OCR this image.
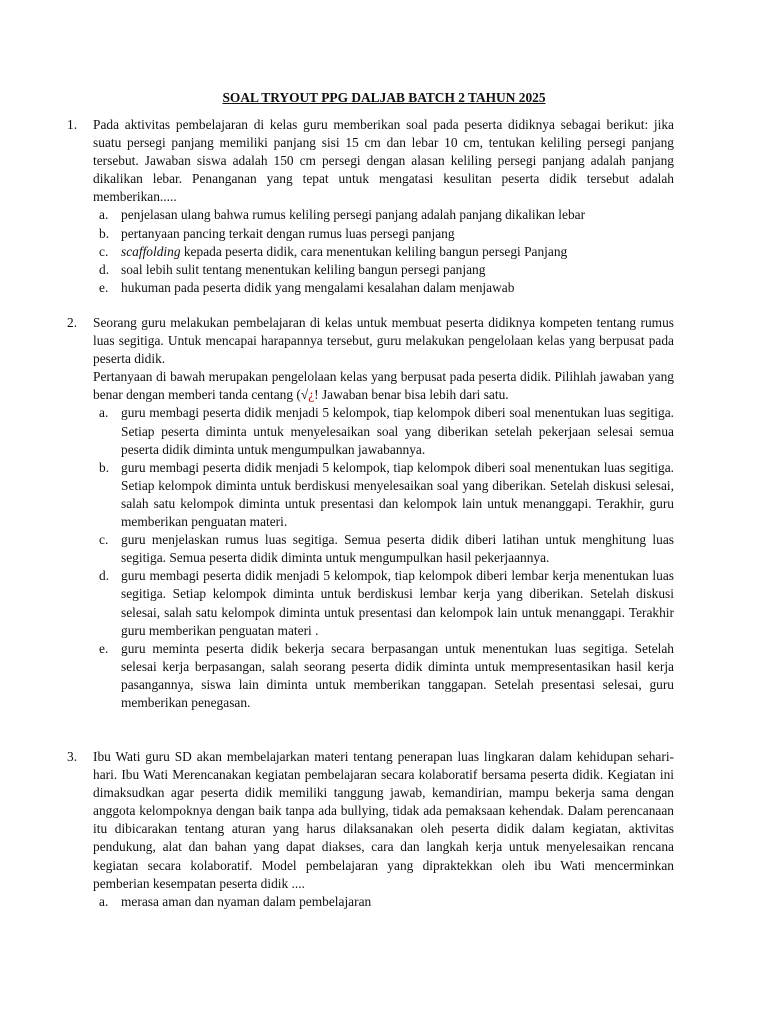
SOAL TRYOUT PPG DALJAB BATCH 2 TAHUN 2025
1. Pada aktivitas pembelajaran di kelas guru memberikan soal pada peserta didiknya sebagai berikut: jika suatu persegi panjang memiliki panjang sisi 15 cm dan lebar 10 cm, tentukan keliling persegi panjang tersebut. Jawaban siswa adalah 150 cm persegi dengan alasan keliling persegi panjang adalah panjang dikalikan lebar. Penanganan yang tepat untuk mengatasi kesulitan peserta didik tersebut adalah memberikan.....

a. penjelasan ulang bahwa rumus keliling persegi panjang adalah panjang dikalikan lebar
b. pertanyaan pancing terkait dengan rumus luas persegi panjang
c. scaffolding kepada peserta didik, cara menentukan keliling bangun persegi Panjang
d. soal lebih sulit tentang menentukan keliling bangun persegi panjang
e. hukuman pada peserta didik yang mengalami kesalahan dalam menjawab
2. Seorang guru melakukan pembelajaran di kelas untuk membuat peserta didiknya kompeten tentang rumus luas segitiga. Untuk mencapai harapannya tersebut, guru melakukan pengelolaan kelas yang berpusat pada peserta didik.

Pertanyaan di bawah merupakan pengelolaan kelas yang berpusat pada peserta didik. Pilihlah jawaban yang benar dengan memberi tanda centang (√¿! Jawaban benar bisa lebih dari satu.

a. guru membagi peserta didik menjadi 5 kelompok, tiap kelompok diberi soal menentukan luas segitiga. Setiap peserta diminta untuk menyelesaikan soal yang diberikan setelah pekerjaan selesai semua peserta didik diminta untuk mengumpulkan jawabannya.
b. guru membagi peserta didik menjadi 5 kelompok, tiap kelompok diberi soal menentukan luas segitiga. Setiap kelompok diminta untuk berdiskusi menyelesaikan soal yang diberikan. Setelah diskusi selesai, salah satu kelompok diminta untuk presentasi dan kelompok lain untuk menanggapi. Terakhir, guru memberikan penguatan materi.
c. guru menjelaskan rumus luas segitiga. Semua peserta didik diberi latihan untuk menghitung luas segitiga. Semua peserta didik diminta untuk mengumpulkan hasil pekerjaannya.
d. guru membagi peserta didik menjadi 5 kelompok, tiap kelompok diberi lembar kerja menentukan luas segitiga. Setiap kelompok diminta untuk berdiskusi lembar kerja yang diberikan. Setelah diskusi selesai, salah satu kelompok diminta untuk presentasi dan kelompok lain untuk menanggapi. Terakhir guru memberikan penguatan materi .
e. guru meminta peserta didik bekerja secara berpasangan untuk menentukan luas segitiga. Setelah selesai kerja berpasangan, salah seorang peserta didik diminta untuk mempresentasikan hasil kerja pasangannya, siswa lain diminta untuk memberikan tanggapan. Setelah presentasi selesai, guru memberikan penegasan.
3. Ibu Wati guru SD akan membelajarkan materi tentang penerapan luas lingkaran dalam kehidupan sehari-hari. Ibu Wati Merencanakan kegiatan pembelajaran secara kolaboratif bersama peserta didik. Kegiatan ini dimaksudkan agar peserta didik memiliki tanggung jawab, kemandirian, mampu bekerja sama dengan anggota kelompoknya dengan baik tanpa ada bullying, tidak ada pemaksaan kehendak. Dalam perencanaan itu dibicarakan tentang aturan yang harus dilaksanakan oleh peserta didik dalam kegiatan, aktivitas pendukung, alat dan bahan yang dapat diakses, cara dan langkah kerja untuk menyelesaikan rencana kegiatan secara kolaboratif. Model pembelajaran yang dipraktekkan oleh ibu Wati mencerminkan pemberian kesempatan peserta didik ....

a. merasa aman dan nyaman dalam pembelajaran
